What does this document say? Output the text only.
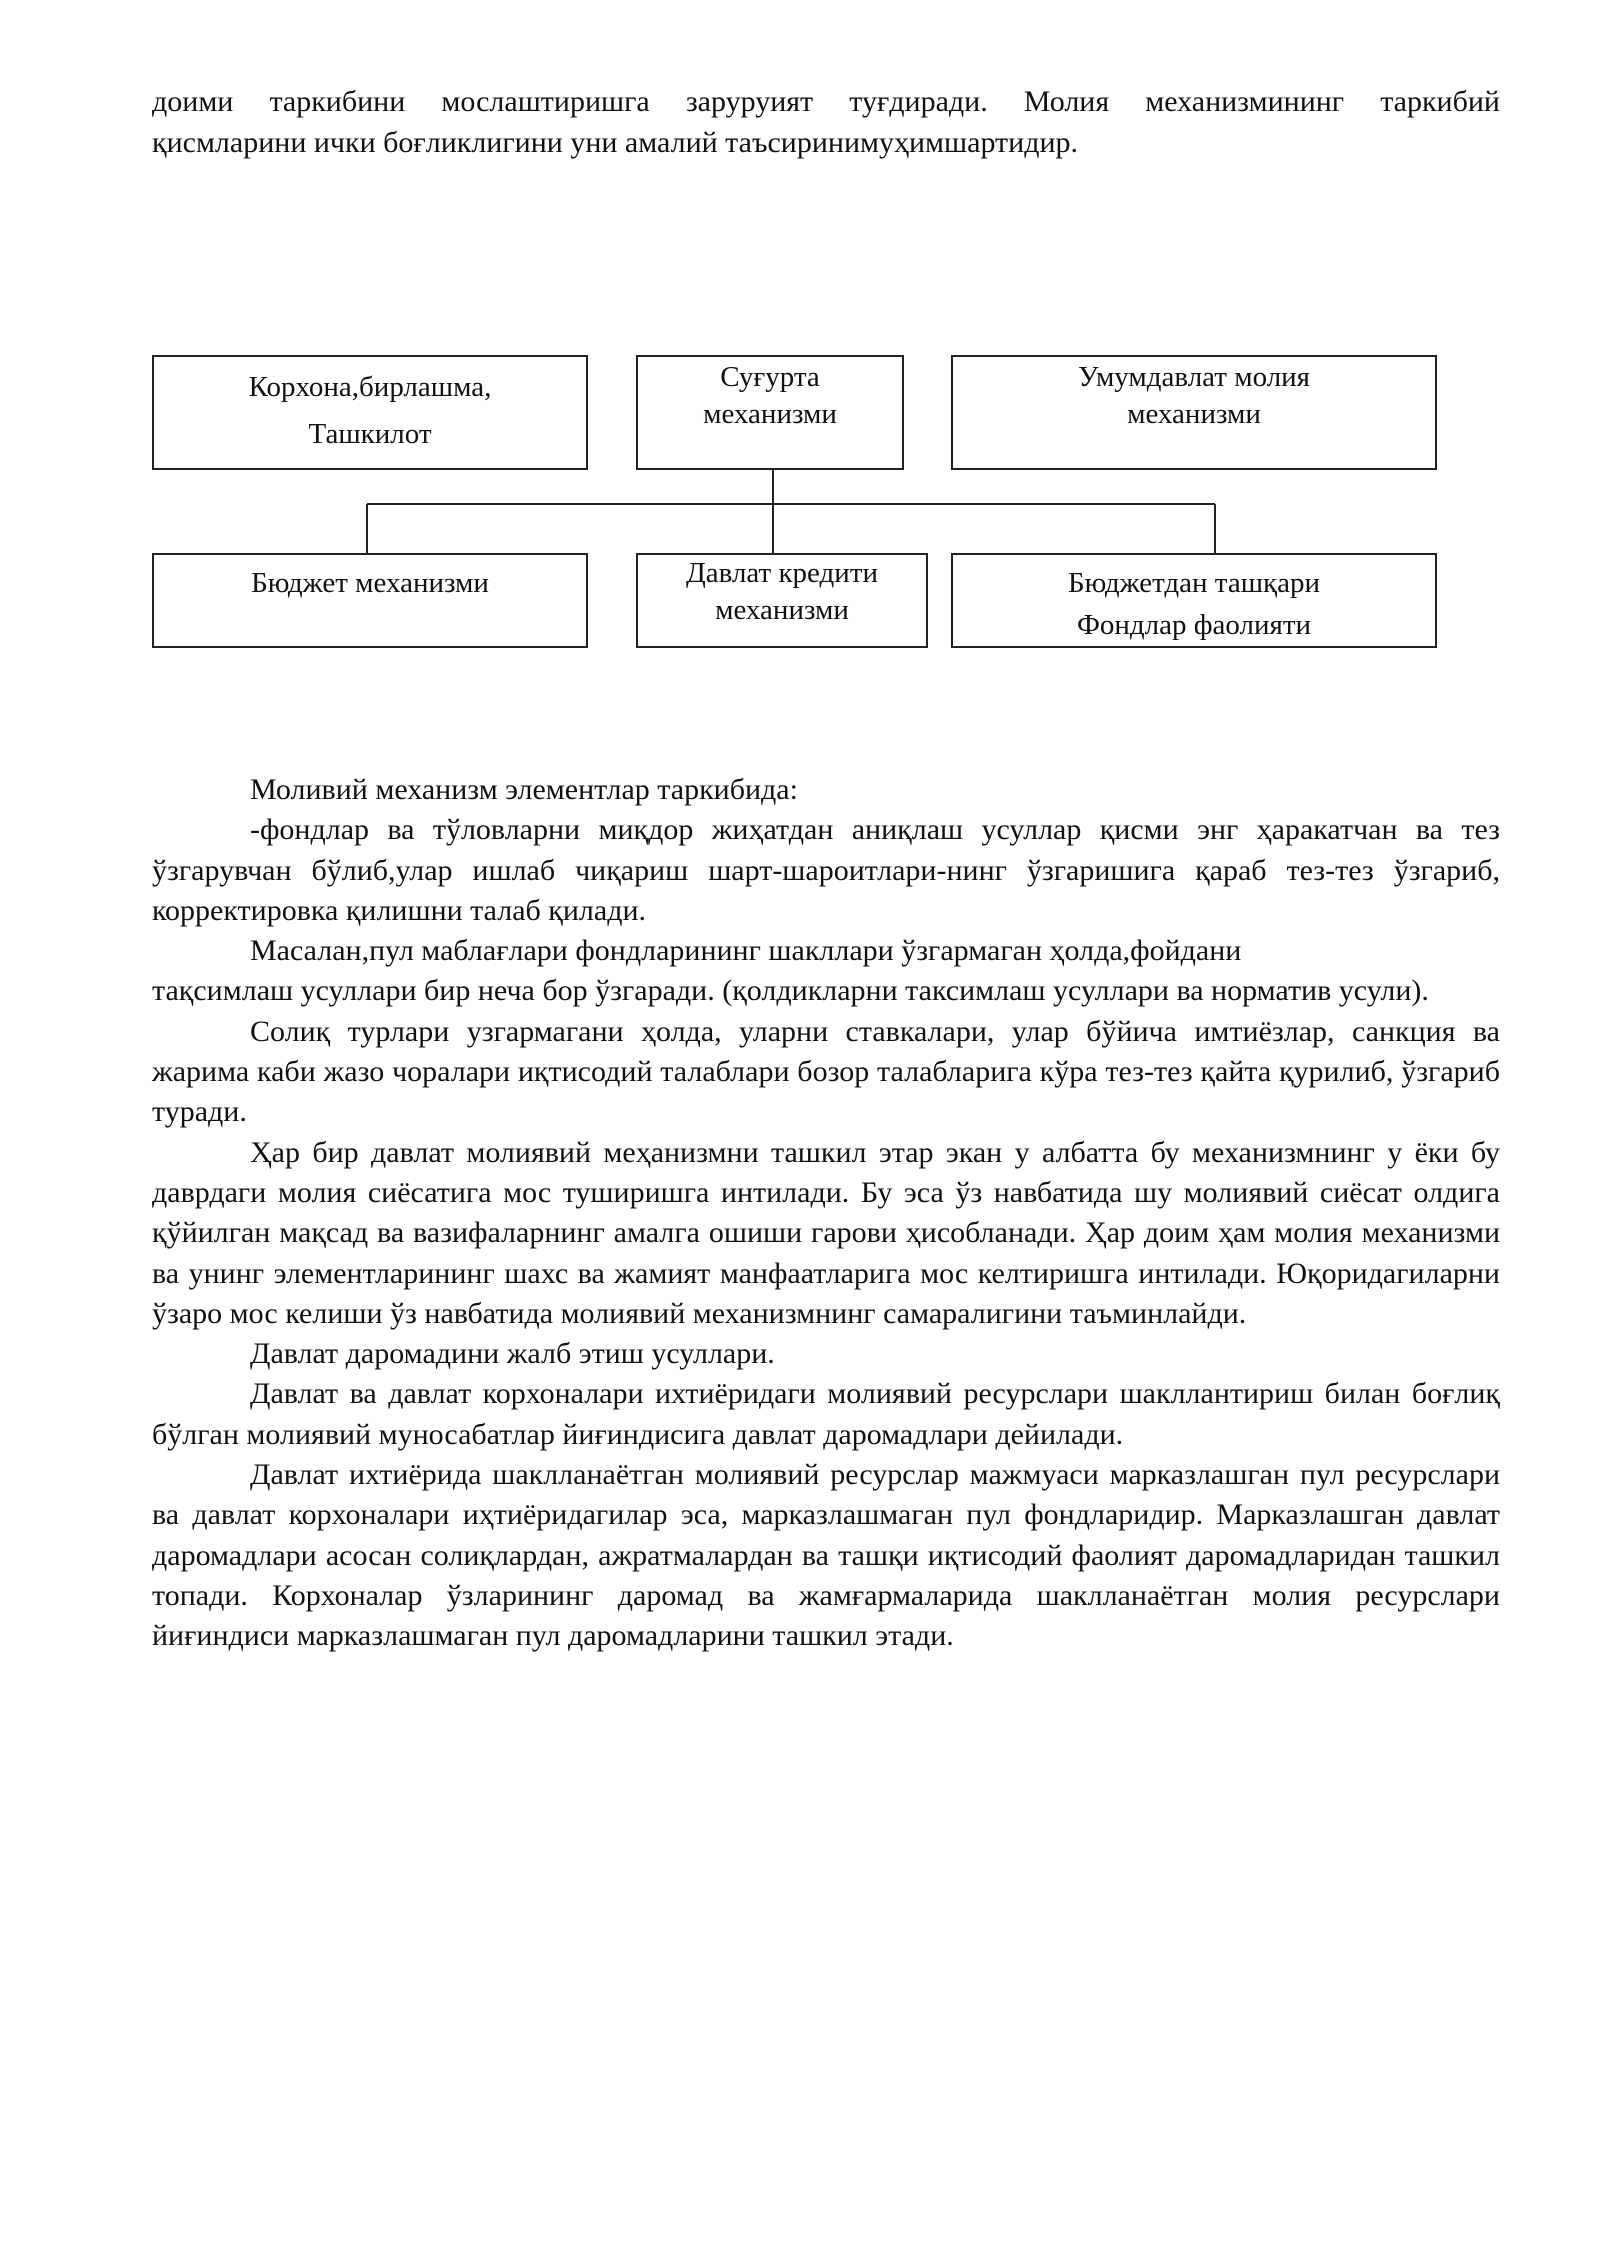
доими таркибини мослаштиришга заруруият туғдиради. Молия механизмининг таркибий

қисмларини ички боғликлигини уни амалий таъсиринимуҳимшартидир.

Корхона,бирлашма,
Ташкилот
Суғурта
механизми
Умумдавлат молия
механизми
Бюджет механизми	Давлат кредити
механизми
Бюджетдан ташқари
Фондлар фаолияти

Моливий механизм элементлар таркибида:

-фондлар ва тўловларни миқдор жиҳатдан аниқлаш усуллар қисми энг ҳаракатчан ва тез ўзгарувчан бўлиб,улар ишлаб чиқариш шарт-шароитлари-нинг ўзгаришига қараб тез-тез ўзгариб, корректировка қилишни талаб қилади.

Масалан,пул маблағлари фондларининг шакллари ўзгармаган ҳолда,фойдани

тақсимлаш усуллари бир неча бор ўзгаради. (қолдикларни таксимлаш усуллари ва норматив усули).

Солиқ турлари узгармагани ҳолда, уларни ставкалари, улар бўйича имтиёзлар, санкция ва жарима каби жазо чоралари иқтисодий талаблари бозор талабларига кўра тез-тез қайта қурилиб, ўзгариб туради.

Ҳар бир давлат молиявий меҳанизмни ташкил этар экан у албатта бу механизмнинг у ёки бу даврдаги молия сиёсатига мос туширишга интилади. Бу эса ўз навбатида шу молиявий сиёсат олдига қўйилган мақсад ва вазифаларнинг амалга ошиши гарови ҳисобланади. Ҳар доим ҳам молия механизми ва унинг элементларининг шахс ва жамият манфаатларига мос келтиришга интилади. Юқоридагиларни ўзаро мос келиши ўз навбатида молиявий механизмнинг самаралигини таъминлайди.

Давлат даромадини жалб этиш усуллари.

Давлат ва давлат корхоналари ихтиёридаги молиявий ресурслари шакллантириш билан боғлиқ бўлган молиявий муносабатлар йиғиндисига давлат даромадлари дейилади.

Давлат ихтиёрида шаклланаётган молиявий ресурслар мажмуаси марказлашган пул ресурслари ва давлат корхоналари иҳтиёридагилар эса, марказлашмаган пул фондларидир. Марказлашган давлат даромадлари асосан солиқлардан, ажратмалардан ва ташқи иқтисодий фаолият даромадларидан ташкил топади. Корхоналар ўзларининг даромад ва жамғармаларида шаклланаётган молия ресурслари йиғиндиси марказлашмаган пул даромадларини ташкил этади.
